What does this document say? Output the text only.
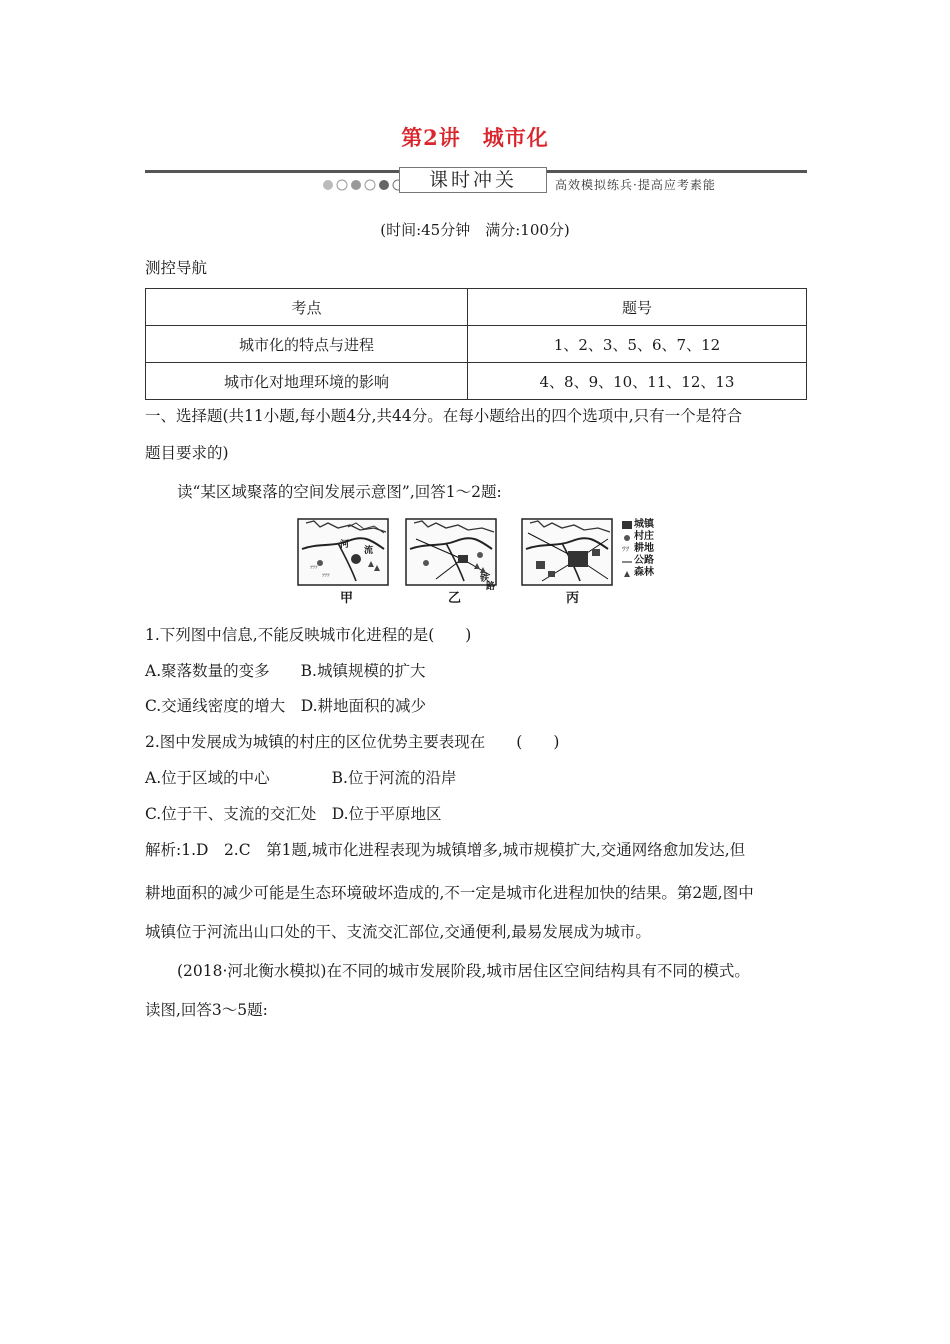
第2讲　城市化
课时冲关	高效模拟练兵·提高应考素能
(时间:45分钟　满分:100分)
测控导航
考点	题号
城市化的特点与进程	1、2、3、5、6、7、12
城市化对地理环境的影响	4、8、9、10、11、12、13
一、选择题(共11小题,每小题4分,共44分。在每小题给出的四个选项中,只有一个是符合
题目要求的)
读“某区域聚落的空间发展示意图”,回答1～2题:
ﾂﾂﾂ
ﾂﾂﾂ
ﾂﾂ
城镇
村庄
耕地
公路
森林
甲	乙	丙
河
流
铁
路
1.下列图中信息,不能反映城市化进程的是(　　)
A.聚落数量的变多　　B.城镇规模的扩大
C.交通线密度的增大　D.耕地面积的减少
2.图中发展成为城镇的村庄的区位优势主要表现在　　(　　)
A.位于区域的中心　　　　B.位于河流的沿岸
C.位于干、支流的交汇处　D.位于平原地区
解析:1.D　2.C　第1题,城市化进程表现为城镇增多,城市规模扩大,交通网络愈加发达,但
耕地面积的减少可能是生态环境破坏造成的,不一定是城市化进程加快的结果。第2题,图中
城镇位于河流出山口处的干、支流交汇部位,交通便利,最易发展成为城市。
(2018·河北衡水模拟)在不同的城市发展阶段,城市居住区空间结构具有不同的模式。
读图,回答3～5题:
